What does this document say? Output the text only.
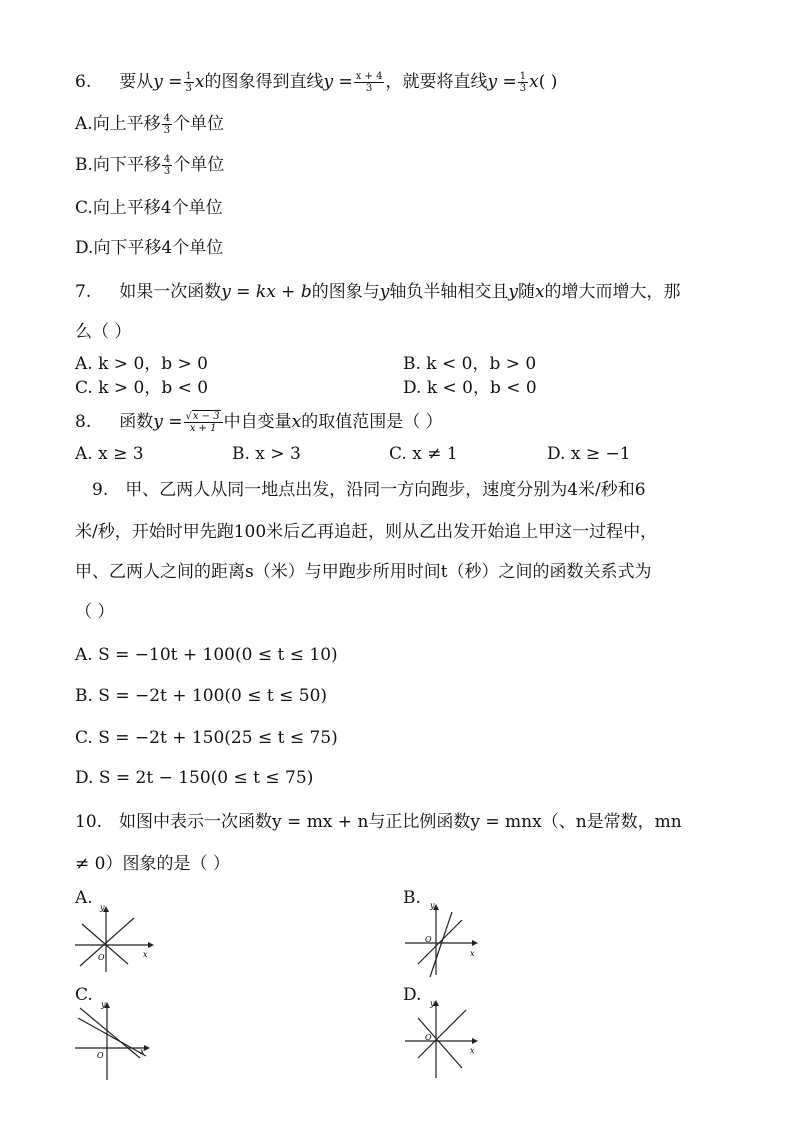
6. 要从$y = \frac{1}{3}$ x的图象得到直线$y = \frac{x + 4}{3}$ ，就要将直线$y = \frac{1}{3} x$( )
A.向上平移 $\frac{4}{3}$ 个单位
B.向下平移 $\frac{4}{3}$ 个单位
C.向上平移4个单位
D.向下平移4个单位
7. 如果一次函数y = kx + b的图象与y轴负半轴相交且y随x的增大而增大，那
么（ ）
A. k > 0，b > 0	B. k < 0，b > 0
C. k > 0，b < 0	D. k < 0，b < 0
8. 函数$y = \frac{√x - 3}{x + 1}$ 中自变量x的取值范围是（ ）
A. x ≥ 3	B. x > 3	C. x ≠ 1	D. x ≥ −1
9.　甲、乙两人从同一地点出发，沿同一方向跑步，速度分别为4米/秒和6
米/秒，开始时甲先跑100米后乙再追赶，则从乙出发开始追上甲这一过程中，
甲、乙两人之间的距离s（米）与甲跑步所用时间t（秒）之间的函数关系式为
（ ）
A. S = −10t + 100(0 ≤ t ≤ 10)
B. S = −2t + 100(0 ≤ t ≤ 50)
C. S = −2t + 150(25 ≤ t ≤ 75)
D. S = 2t − 150(0 ≤ t ≤ 75)
10.　如图中表示一次函数y = mx + n与正比例函数y = mnx（、n是常数，mn
≠ 0）图象的是（ ）
A.	B.
C.	D.
O	x
y
O
x
y
O	x
y
O
x
y
